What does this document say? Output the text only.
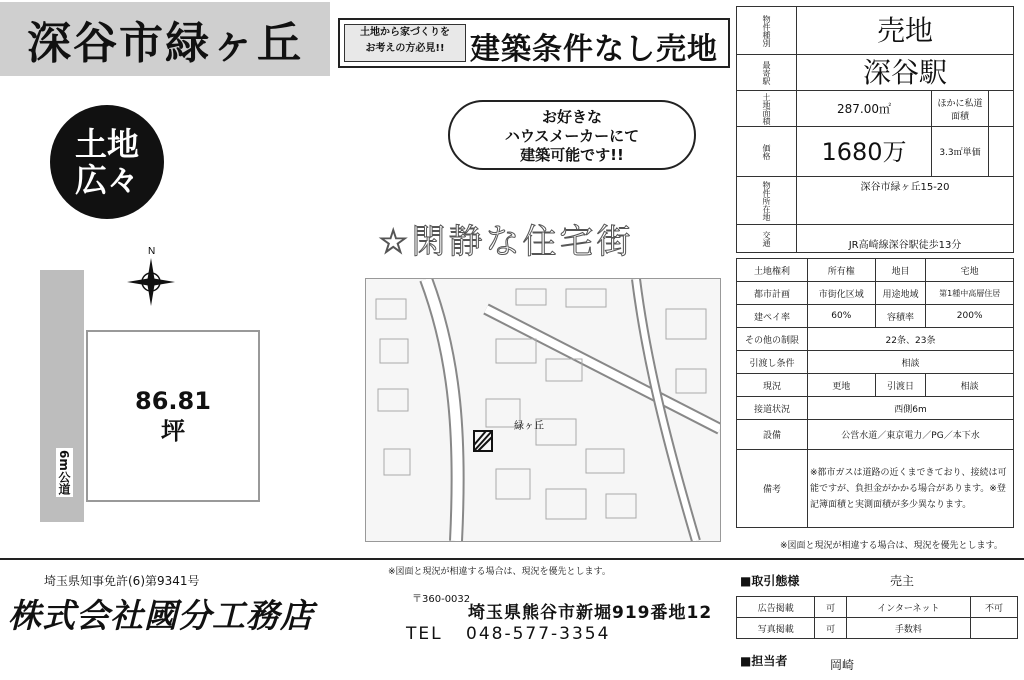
深谷市緑ヶ丘	土地から家づくりを
お考えの方必見!! 建築条件なし売地
土地
広々
お好きな
ハウスメーカーにて
建築可能です!!
☆閑静な住宅街
N
6m公道
86.81
坪	緑ヶ丘
物件種別	売地		
最寄駅	深谷駅		
土地面積	287.00㎡	ほかに私道面積	
価格	1680万	3.3㎡単価	
物件所在地	深谷市緑ヶ丘15-20		
交通	JR高崎線深谷駅徒歩13分		
土地権利	所有権	地目	宅地
都市計画	市街化区域	用途地域	第1種中高層住居
建ペイ率	60%	容積率	200%
その他の制限	22条、23条		
引渡し条件	相談		
現況	更地	引渡日	相談
接道状況	西側6m		
設備	公営水道／東京電力／PG／本下水		
備考	※都市ガスは道路の近くまできており、接続は可能ですが、負担金がかかる場合があります。※登記簿面積と実測面積が多少異なります。		
※図面と現況が相違する場合は、現況を優先とします。
埼玉県知事免許(6)第9341号
株式会社國分工務店
※図面と現況が相違する場合は、現況を優先とします。
〒360-0032
埼玉県熊谷市新堀919番地12
TEL 048-577-3354
■取引態様	売主
広告掲載	可	インターネット	不可
写真掲載	可	手数料	
■担当者	岡崎
